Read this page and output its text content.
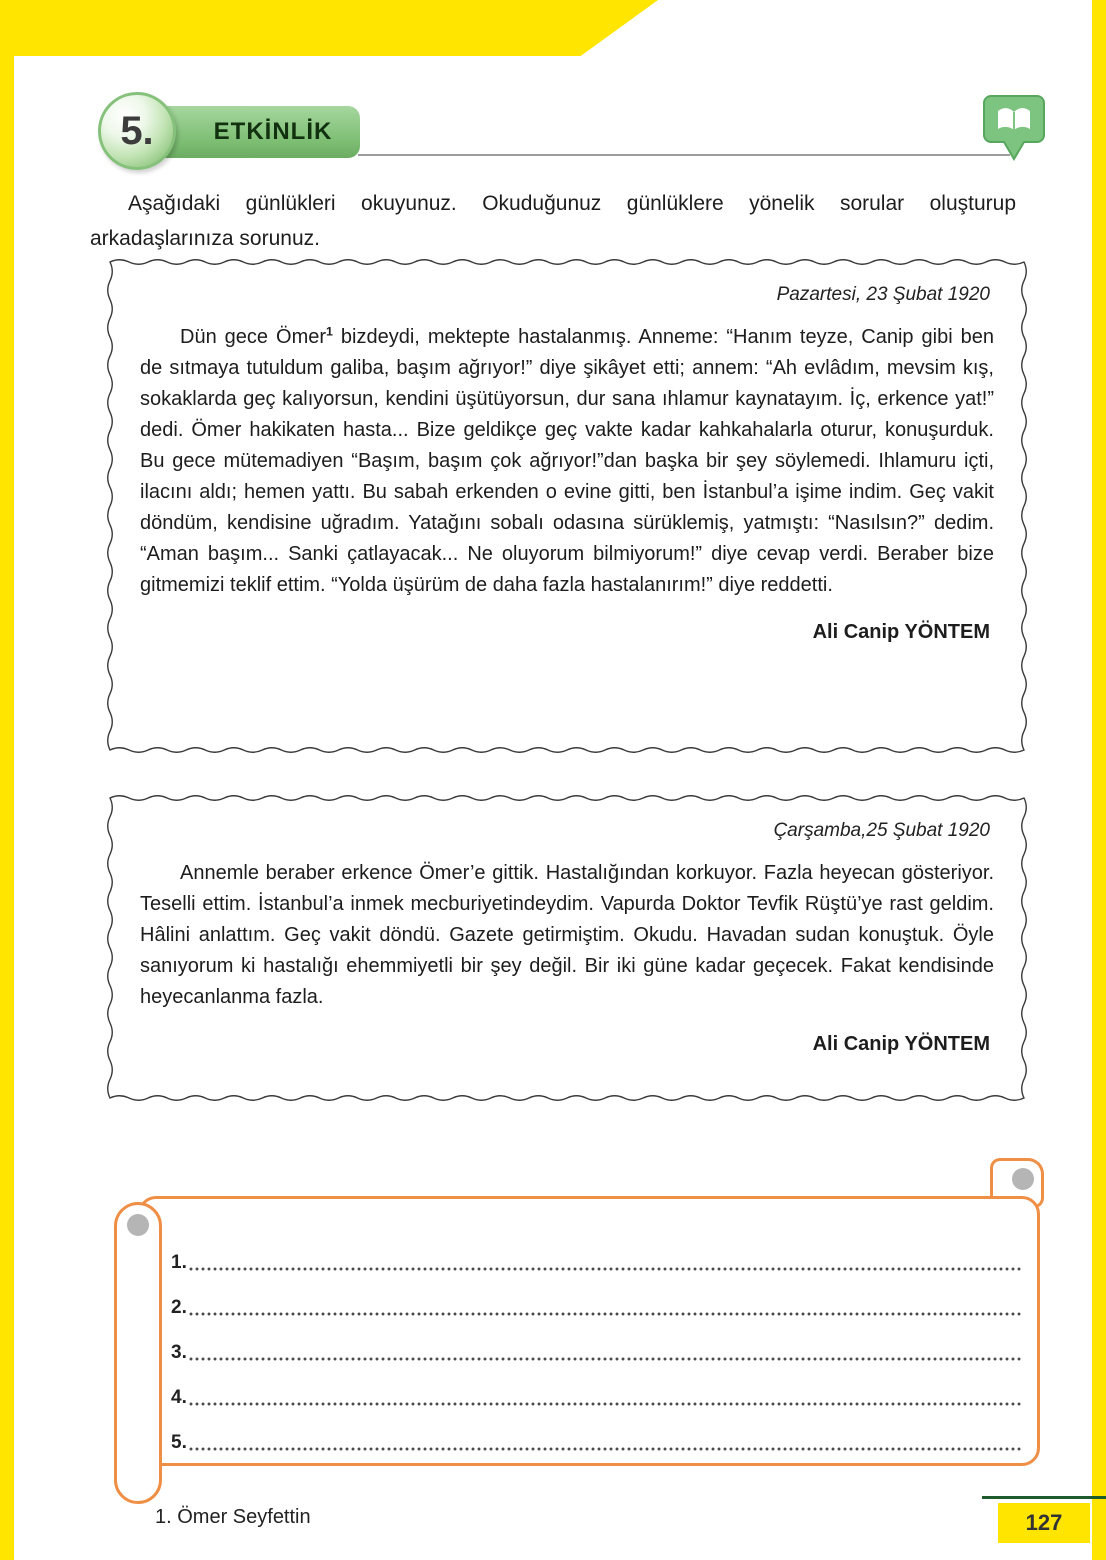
ETKİNLİK
5.

Aşağıdaki günlükleri okuyunuz. Okuduğunuz günlüklere yönelik sorular oluşturup arkadaşlarınıza sorunuz.

Pazartesi, 23 Şubat 1920

Dün gece Ömer$^1$ bizdeydi, mektepte hastalanmış. Anneme: “Hanım teyze, Canip gibi ben de sıtmaya tutuldum galiba, başım ağrıyor!” diye şikâyet etti; annem: “Ah evlâdım, mevsim kış, sokaklarda geç kalıyorsun, kendini üşütüyorsun, dur sana ıhlamur kaynatayım. İç, erkence yat!” dedi. Ömer hakikaten hasta... Bize geldikçe geç vakte kadar kahkahalarla oturur, konuşurduk. Bu gece mütemadiyen “Başım, başım çok ağrıyor!”dan başka bir şey söylemedi. Ihlamuru içti, ilacını aldı; hemen yattı. Bu sabah erkenden o evine gitti, ben İstanbul’a işime indim. Geç vakit döndüm, kendisine uğradım. Yatağını sobalı odasına sürüklemiş, yatmıştı: “Nasılsın?” dedim. “Aman başım... Sanki çatlayacak... Ne oluyorum bilmiyorum!” diye cevap verdi. Beraber bize gitmemizi teklif ettim. “Yolda üşürüm de daha fazla hastalanırım!” diye reddetti.

Ali Canip YÖNTEM
Çarşamba,25 Şubat 1920

Annemle beraber erkence Ömer’e gittik. Hastalığından korkuyor. Fazla heyecan gösteriyor. Teselli ettim. İstanbul’a inmek mecburiyetindeydim. Vapurda Doktor Tevfik Rüştü’ye rast geldim. Hâlini anlattım. Geç vakit döndü. Gazete getirmiştim. Okudu. Havadan sudan konuştuk. Öyle sanıyorum ki hastalığı ehemmiyetli bir şey değil. Bir iki güne kadar geçecek. Fakat kendisinde heyecanlanma fazla.

Ali Canip YÖNTEM
1.
2.
3.
4.
5.
1. Ömer Seyfettin	127
